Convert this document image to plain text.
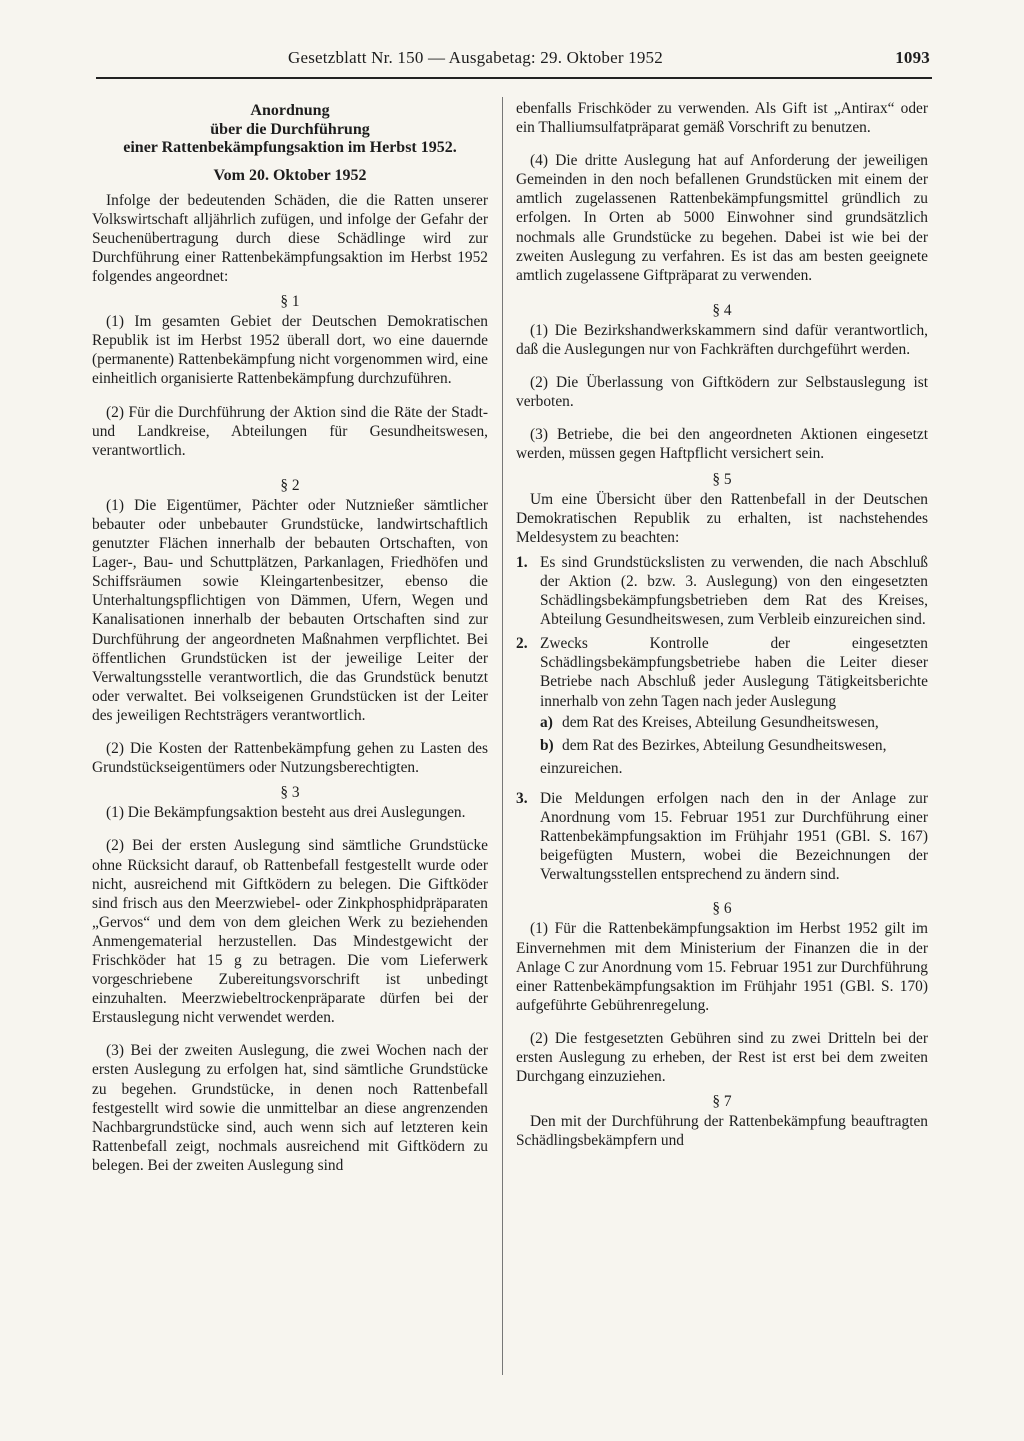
Gesetzblatt Nr. 150 — Ausgabetag: 29. Oktober 1952	1093
Anordnung
über die Durchführung
einer Rattenbekämpfungsaktion im Herbst 1952.
Vom 20. Oktober 1952

Infolge der bedeutenden Schäden, die die Ratten unserer Volkswirtschaft alljährlich zufügen, und infolge der Gefahr der Seuchenübertragung durch diese Schädlinge wird zur Durchführung einer Rattenbekämpfungsaktion im Herbst 1952 folgendes angeordnet:

§ 1

(1) Im gesamten Gebiet der Deutschen Demokratischen Republik ist im Herbst 1952 überall dort, wo eine dauernde (permanente) Rattenbekämpfung nicht vorgenommen wird, eine einheitlich organisierte Rattenbekämpfung durchzuführen.

(2) Für die Durchführung der Aktion sind die Räte der Stadt- und Landkreise, Abteilungen für Gesundheitswesen, verantwortlich.

§ 2

(1) Die Eigentümer, Pächter oder Nutznießer sämtlicher bebauter oder unbebauter Grundstücke, landwirtschaftlich genutzter Flächen innerhalb der bebauten Ortschaften, von Lager-, Bau- und Schuttplätzen, Parkanlagen, Friedhöfen und Schiffsräumen sowie Kleingartenbesitzer, ebenso die Unterhaltungspflichtigen von Dämmen, Ufern, Wegen und Kanalisationen innerhalb der bebauten Ortschaften sind zur Durchführung der angeordneten Maßnahmen verpflichtet. Bei öffentlichen Grundstücken ist der jeweilige Leiter der Verwaltungsstelle verantwortlich, die das Grundstück benutzt oder verwaltet. Bei volkseigenen Grundstücken ist der Leiter des jeweiligen Rechtsträgers verantwortlich.

(2) Die Kosten der Rattenbekämpfung gehen zu Lasten des Grundstückseigentümers oder Nutzungsberechtigten.

§ 3

(1) Die Bekämpfungsaktion besteht aus drei Auslegungen.

(2) Bei der ersten Auslegung sind sämtliche Grundstücke ohne Rücksicht darauf, ob Rattenbefall festgestellt wurde oder nicht, ausreichend mit Giftködern zu belegen. Die Giftköder sind frisch aus den Meerzwiebel- oder Zinkphosphidpräparaten „Gervos“ und dem von dem gleichen Werk zu beziehenden Anmengematerial herzustellen. Das Mindestgewicht der Frischköder hat 15 g zu betragen. Die vom Lieferwerk vorgeschriebene Zubereitungsvorschrift ist unbedingt einzuhalten. Meerzwiebeltrockenpräparate dürfen bei der Erstauslegung nicht verwendet werden.

(3) Bei der zweiten Auslegung, die zwei Wochen nach der ersten Auslegung zu erfolgen hat, sind sämtliche Grundstücke zu begehen. Grundstücke, in denen noch Rattenbefall festgestellt wird sowie die unmittelbar an diese angrenzenden Nachbargrundstücke sind, auch wenn sich auf letzteren kein Rattenbefall zeigt, nochmals ausreichend mit Giftködern zu belegen. Bei der zweiten Auslegung sind

ebenfalls Frischköder zu verwenden. Als Gift ist „Antirax“ oder ein Thalliumsulfatpräparat gemäß Vorschrift zu benutzen.

(4) Die dritte Auslegung hat auf Anforderung der jeweiligen Gemeinden in den noch befallenen Grundstücken mit einem der amtlich zugelassenen Rattenbekämpfungsmittel gründlich zu erfolgen. In Orten ab 5000 Einwohner sind grundsätzlich nochmals alle Grundstücke zu begehen. Dabei ist wie bei der zweiten Auslegung zu verfahren. Es ist das am besten geeignete amtlich zugelassene Giftpräparat zu verwenden.

§ 4

(1) Die Bezirkshandwerkskammern sind dafür verantwortlich, daß die Auslegungen nur von Fachkräften durchgeführt werden.

(2) Die Überlassung von Giftködern zur Selbstauslegung ist verboten.

(3) Betriebe, die bei den angeordneten Aktionen eingesetzt werden, müssen gegen Haftpflicht versichert sein.

§ 5

Um eine Übersicht über den Rattenbefall in der Deutschen Demokratischen Republik zu erhalten, ist nachstehendes Meldesystem zu beachten:

1. Es sind Grundstückslisten zu verwenden, die nach Abschluß der Aktion (2. bzw. 3. Auslegung) von den eingesetzten Schädlingsbekämpfungsbetrieben dem Rat des Kreises, Abteilung Gesundheitswesen, zum Verbleib einzureichen sind.
2. Zwecks Kontrolle der eingesetzten Schädlingsbekämpfungsbetriebe haben die Leiter dieser Betriebe nach Abschluß jeder Auslegung Tätigkeitsberichte innerhalb von zehn Tagen nach jeder Auslegung
a) dem Rat des Kreises, Abteilung Gesundheitswesen,
b) dem Rat des Bezirkes, Abteilung Gesundheitswesen,
einzureichen.
3. Die Meldungen erfolgen nach den in der Anlage zur Anordnung vom 15. Februar 1951 zur Durchführung einer Rattenbekämpfungsaktion im Frühjahr 1951 (GBl. S. 167) beigefügten Mustern, wobei die Bezeichnungen der Verwaltungsstellen entsprechend zu ändern sind.
§ 6

(1) Für die Rattenbekämpfungsaktion im Herbst 1952 gilt im Einvernehmen mit dem Ministerium der Finanzen die in der Anlage C zur Anordnung vom 15. Februar 1951 zur Durchführung einer Rattenbekämpfungsaktion im Frühjahr 1951 (GBl. S. 170) aufgeführte Gebührenregelung.

(2) Die festgesetzten Gebühren sind zu zwei Dritteln bei der ersten Auslegung zu erheben, der Rest ist erst bei dem zweiten Durchgang einzuziehen.

§ 7

Den mit der Durchführung der Rattenbekämpfung beauftragten Schädlingsbekämpfern und
